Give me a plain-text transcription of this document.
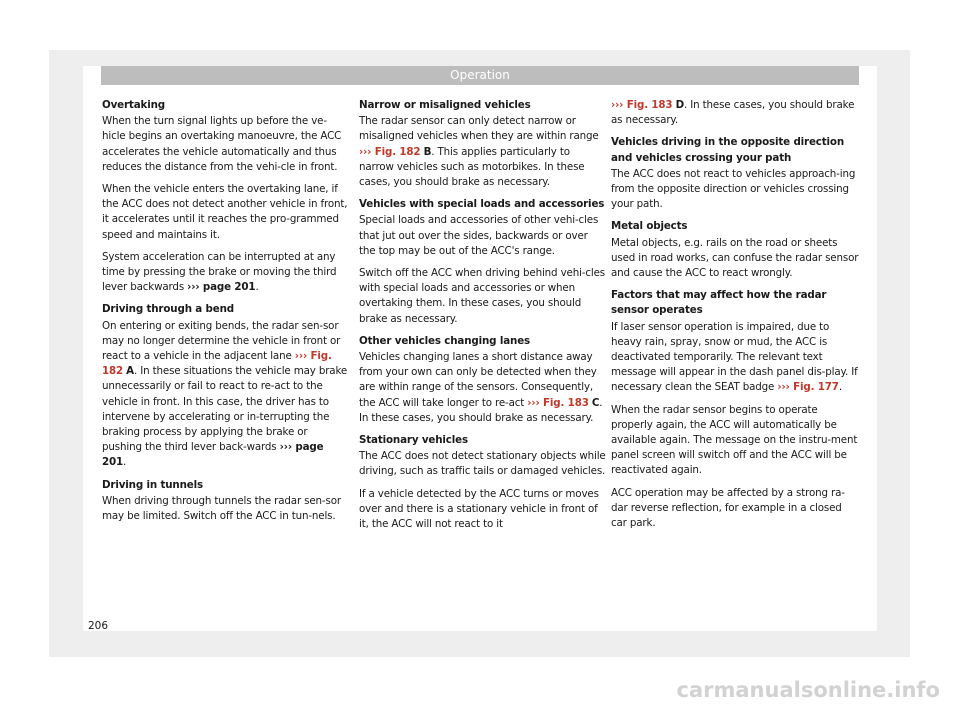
Operation
Overtaking

When the turn signal lights up before the ve-hicle begins an overtaking manoeuvre, the ACC accelerates the vehicle automatically and thus reduces the distance from the vehi-cle in front.

When the vehicle enters the overtaking lane, if the ACC does not detect another vehicle in front, it accelerates until it reaches the pro-grammed speed and maintains it.

System acceleration can be interrupted at any time by pressing the brake or moving the third lever backwards ››› page 201.

Driving through a bend

On entering or exiting bends, the radar sen-sor may no longer determine the vehicle in front or react to a vehicle in the adjacent lane ››› Fig. 182 A. In these situations the vehicle may brake unnecessarily or fail to react to re-act to the vehicle in front. In this case, the driver has to intervene by accelerating or in-terrupting the braking process by applying the brake or pushing the third lever back-wards ››› page 201.

Driving in tunnels

When driving through tunnels the radar sen-sor may be limited. Switch off the ACC in tun-nels.

Narrow or misaligned vehicles

The radar sensor can only detect narrow or misaligned vehicles when they are within range ››› Fig. 182 B. This applies particularly to narrow vehicles such as motorbikes. In these cases, you should brake as necessary.

Vehicles with special loads and accessories

Special loads and accessories of other vehi-cles that jut out over the sides, backwards or over the top may be out of the ACC's range.

Switch off the ACC when driving behind vehi-cles with special loads and accessories or when overtaking them. In these cases, you should brake as necessary.

Other vehicles changing lanes

Vehicles changing lanes a short distance away from your own can only be detected when they are within range of the sensors. Consequently, the ACC will take longer to re-act ››› Fig. 183 C. In these cases, you should brake as necessary.

Stationary vehicles

The ACC does not detect stationary objects while driving, such as traffic tails or damaged vehicles.

If a vehicle detected by the ACC turns or moves over and there is a stationary vehicle in front of it, the ACC will not react to it

››› Fig. 183 D. In these cases, you should brake as necessary.

Vehicles driving in the opposite direction and vehicles crossing your path

The ACC does not react to vehicles approach-ing from the opposite direction or vehicles crossing your path.

Metal objects

Metal objects, e.g. rails on the road or sheets used in road works, can confuse the radar sensor and cause the ACC to react wrongly.

Factors that may affect how the radar sensor operates

If laser sensor operation is impaired, due to heavy rain, spray, snow or mud, the ACC is deactivated temporarily. The relevant text message will appear in the dash panel dis-play. If necessary clean the SEAT badge ››› Fig. 177.

When the radar sensor begins to operate properly again, the ACC will automatically be available again. The message on the instru-ment panel screen will switch off and the ACC will be reactivated again.

ACC operation may be affected by a strong ra-dar reverse reflection, for example in a closed car park.

206
carmanualsonline.info
